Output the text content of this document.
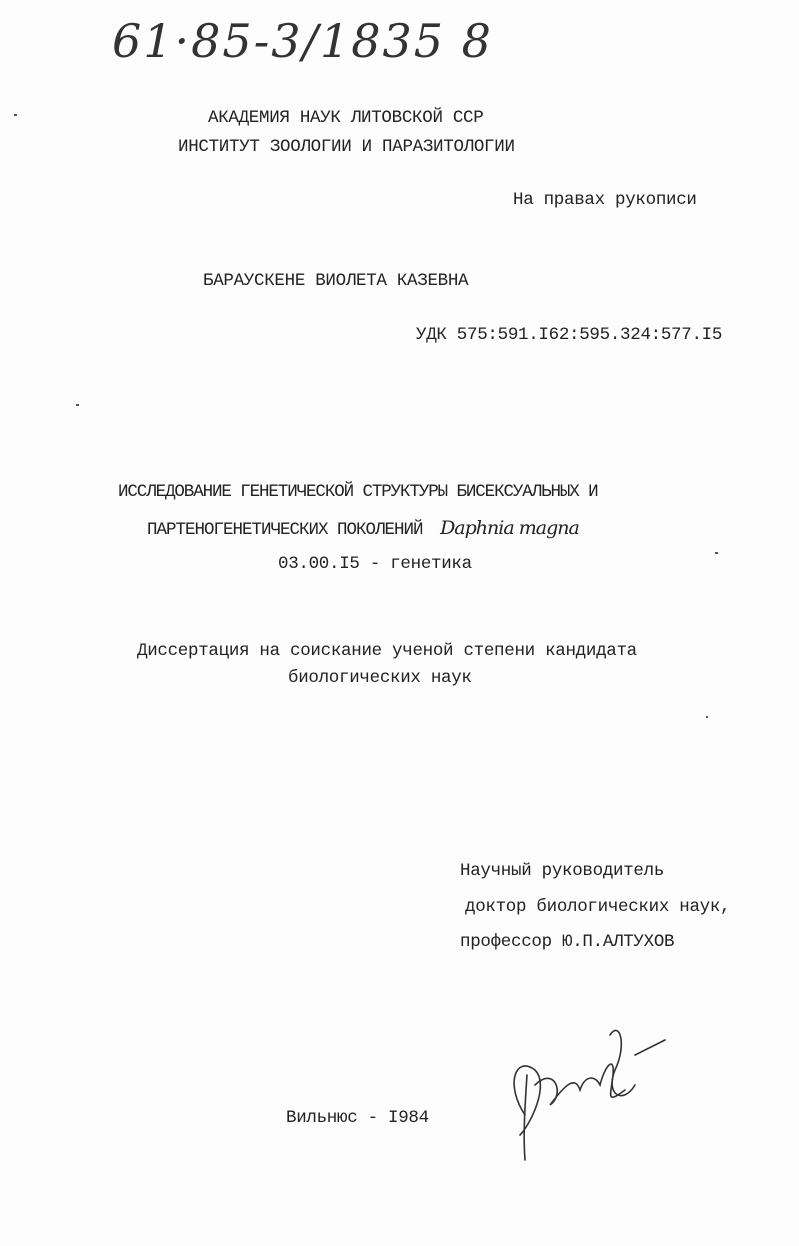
61·85-3/1835 8
АКАДЕМИЯ НАУК ЛИТОВСКОЙ ССР
ИНСТИТУТ ЗООЛОГИИ И ПАРАЗИТОЛОГИИ
На правах рукописи
БАРАУСКЕНЕ ВИОЛЕТА КАЗЕВНА
УДК 575:591.I62:595.324:577.I5
ИССЛЕДОВАНИЕ ГЕНЕТИЧЕСКОЙ СТРУКТУРЫ БИСЕКСУАЛЬНЫХ И
ПАРТЕНОГЕНЕТИЧЕСКИХ ПОКОЛЕНИЙ Daphnia magna
03.00.I5 - генетика
Диссертация на соискание ученой степени кандидата
биологических наук
Научный руководитель
доктор биологических наук,
профессор Ю.П.АЛТУХОВ
Вильнюс - I984
